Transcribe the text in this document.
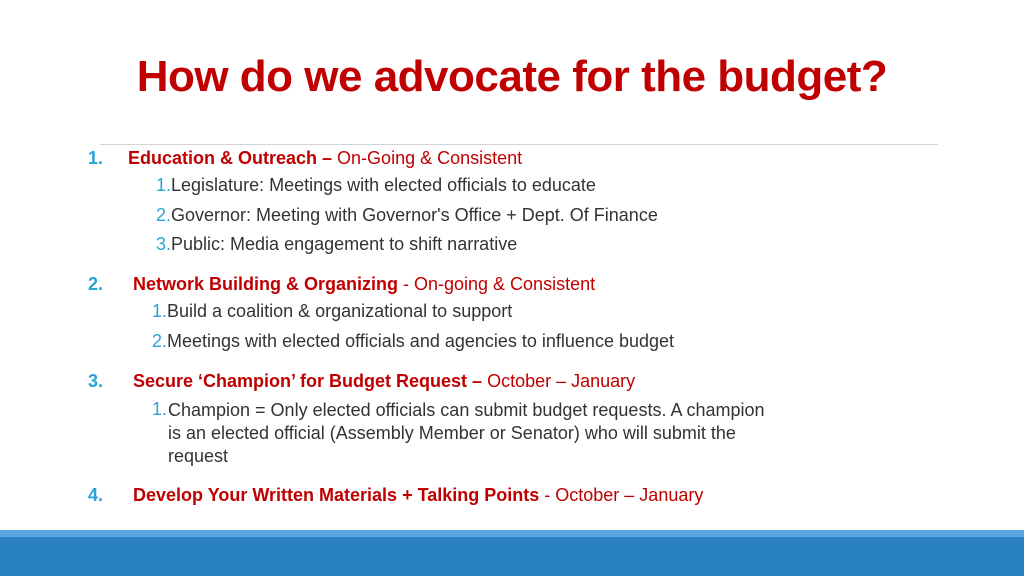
How do we advocate for the budget?
1. Education & Outreach – On-Going & Consistent
1.Legislature: Meetings with elected officials to educate
2.Governor: Meeting with Governor's Office + Dept. Of Finance
3.Public: Media engagement to shift narrative
2. Network Building & Organizing - On-going & Consistent
1.Build a coalition & organizational to support
2.Meetings with elected officials and agencies to influence budget
3. Secure ‘Champion’ for Budget Request – October – January
1. Champion = Only elected officials can submit budget requests. A champion is an elected official (Assembly Member or Senator) who will submit the request
4. Develop Your Written Materials + Talking Points - October – January
